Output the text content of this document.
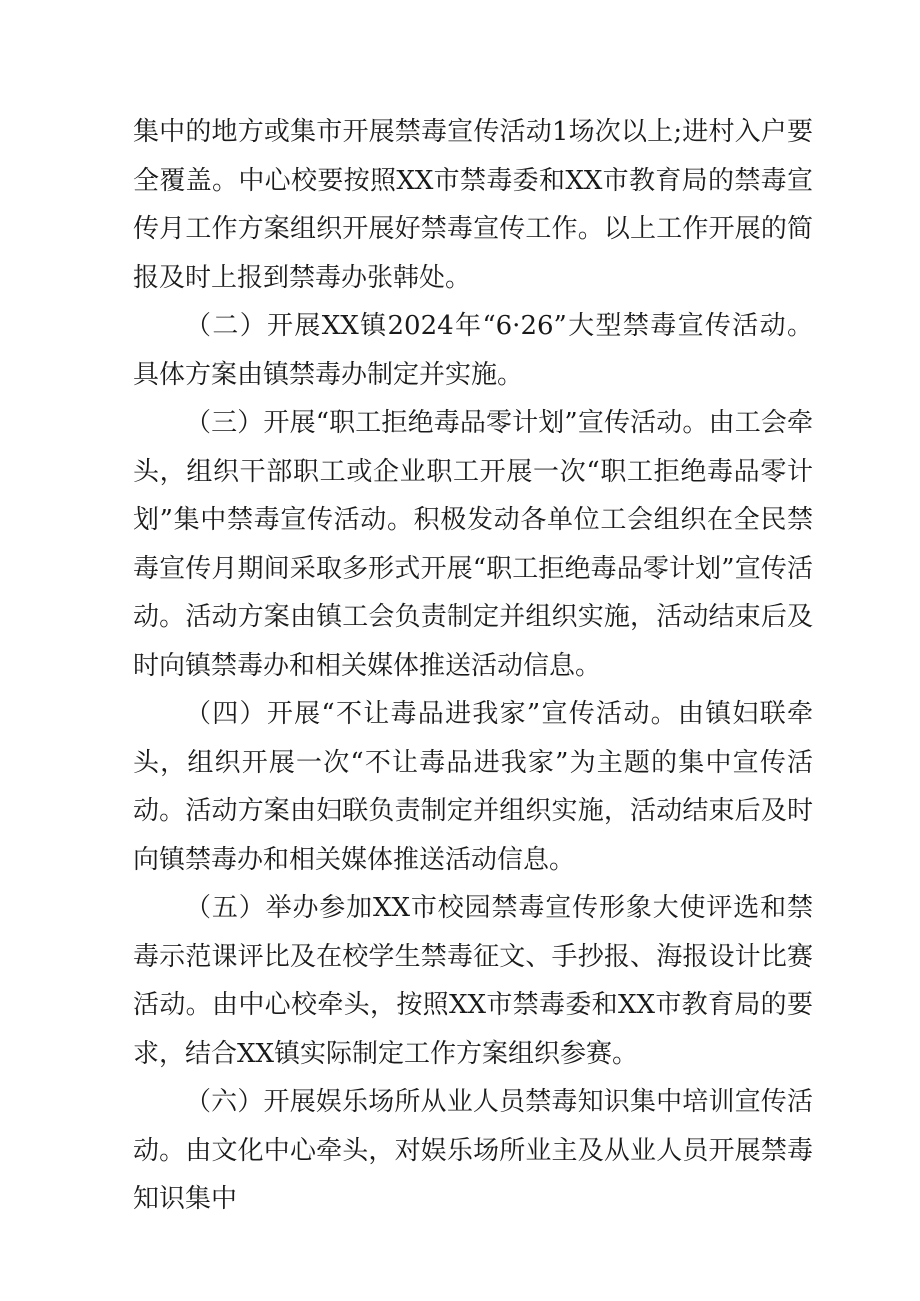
集中的地方或集市开展禁毒宣传活动1场次以上;进村入户要全覆盖。中心校要按照XX市禁毒委和XX市教育局的禁毒宣传月工作方案组织开展好禁毒宣传工作。以上工作开展的简报及时上报到禁毒办张韩处。

（二）开展XX镇2024年“6·26”大型禁毒宣传活动。具体方案由镇禁毒办制定并实施。

（三）开展“职工拒绝毒品零计划”宣传活动。由工会牵头，组织干部职工或企业职工开展一次“职工拒绝毒品零计划”集中禁毒宣传活动。积极发动各单位工会组织在全民禁毒宣传月期间采取多形式开展“职工拒绝毒品零计划”宣传活动。活动方案由镇工会负责制定并组织实施，活动结束后及时向镇禁毒办和相关媒体推送活动信息。

（四）开展“不让毒品进我家”宣传活动。由镇妇联牵头，组织开展一次“不让毒品进我家”为主题的集中宣传活动。活动方案由妇联负责制定并组织实施，活动结束后及时向镇禁毒办和相关媒体推送活动信息。

（五）举办参加XX市校园禁毒宣传形象大使评选和禁毒示范课评比及在校学生禁毒征文、手抄报、海报设计比赛活动。由中心校牵头，按照XX市禁毒委和XX市教育局的要求，结合XX镇实际制定工作方案组织参赛。

（六）开展娱乐场所从业人员禁毒知识集中培训宣传活动。由文化中心牵头，对娱乐场所业主及从业人员开展禁毒知识集中
